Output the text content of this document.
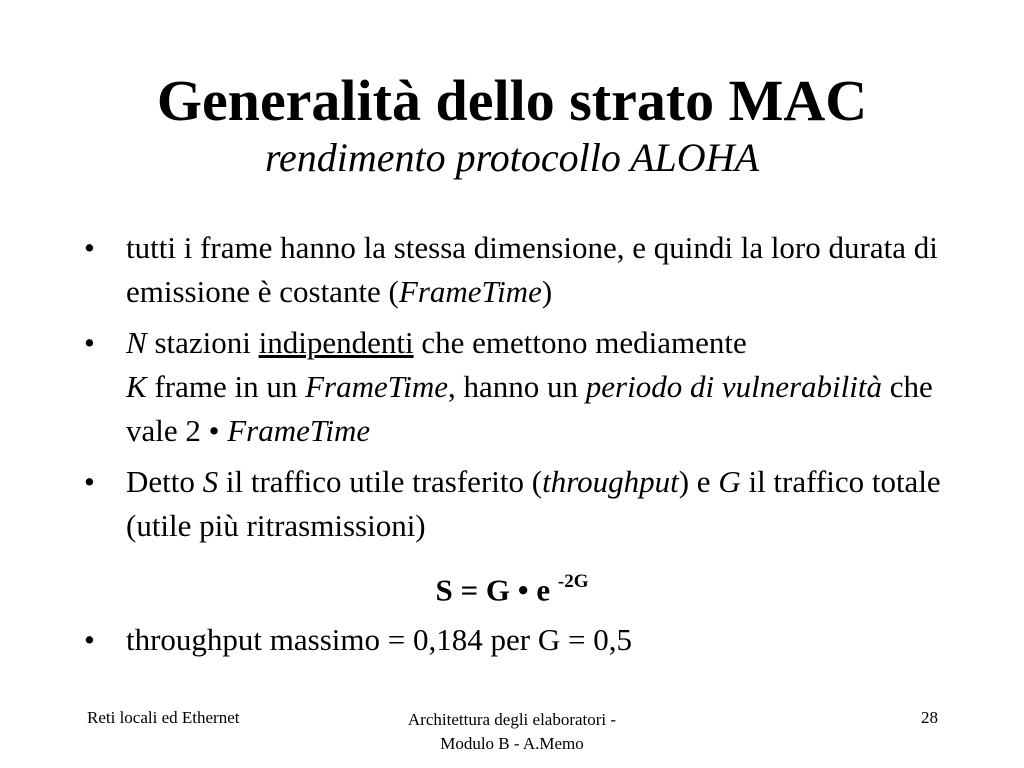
Generalità dello strato MAC
rendimento protocollo ALOHA
• tutti i frame hanno la stessa dimensione, e quindi la loro durata di emissione è costante (FrameTime)
• N stazioni indipendenti che emettono mediamente
K frame in un FrameTime, hanno un periodo di vulnerabilità che vale 2 • FrameTime
• Detto S il traffico utile trasferito (throughput) e G il traffico totale (utile più ritrasmissioni)
S = G • e $^{-2G}$
• throughput massimo = 0,184 per G = 0,5
Reti locali ed Ethernet	Architettura degli elaboratori -
Modulo B - A.Memo
28
